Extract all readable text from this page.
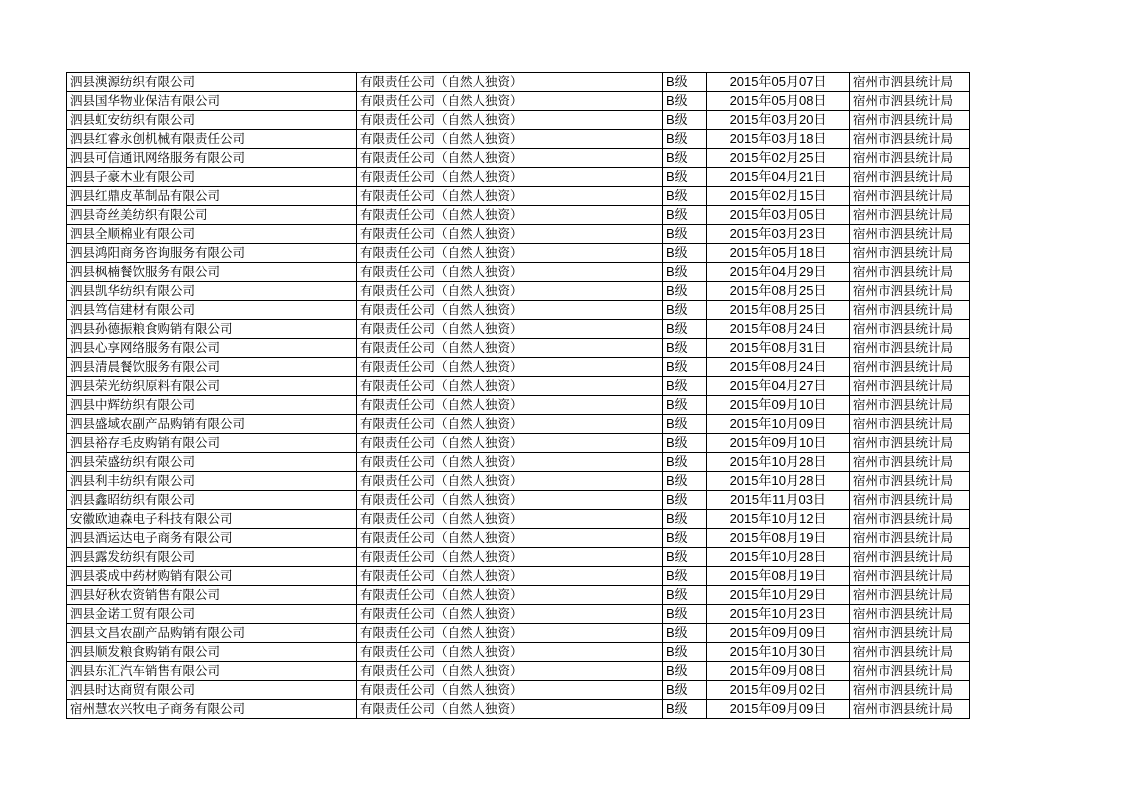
泗县澳源纺织有限公司	有限责任公司（自然人独资）	B级	2015年05月07日	宿州市泗县统计局
泗县国华物业保洁有限公司	有限责任公司（自然人独资）	B级	2015年05月08日	宿州市泗县统计局
泗县虹安纺织有限公司	有限责任公司（自然人独资）	B级	2015年03月20日	宿州市泗县统计局
泗县红睿永创机械有限责任公司	有限责任公司（自然人独资）	B级	2015年03月18日	宿州市泗县统计局
泗县可信通讯网络服务有限公司	有限责任公司（自然人独资）	B级	2015年02月25日	宿州市泗县统计局
泗县子豪木业有限公司	有限责任公司（自然人独资）	B级	2015年04月21日	宿州市泗县统计局
泗县红鼎皮革制品有限公司	有限责任公司（自然人独资）	B级	2015年02月15日	宿州市泗县统计局
泗县奇丝美纺织有限公司	有限责任公司（自然人独资）	B级	2015年03月05日	宿州市泗县统计局
泗县全顺棉业有限公司	有限责任公司（自然人独资）	B级	2015年03月23日	宿州市泗县统计局
泗县鸿阳商务咨询服务有限公司	有限责任公司（自然人独资）	B级	2015年05月18日	宿州市泗县统计局
泗县枫楠餐饮服务有限公司	有限责任公司（自然人独资）	B级	2015年04月29日	宿州市泗县统计局
泗县凯华纺织有限公司	有限责任公司（自然人独资）	B级	2015年08月25日	宿州市泗县统计局
泗县笃信建材有限公司	有限责任公司（自然人独资）	B级	2015年08月25日	宿州市泗县统计局
泗县孙德振粮食购销有限公司	有限责任公司（自然人独资）	B级	2015年08月24日	宿州市泗县统计局
泗县心享网络服务有限公司	有限责任公司（自然人独资）	B级	2015年08月31日	宿州市泗县统计局
泗县清晨餐饮服务有限公司	有限责任公司（自然人独资）	B级	2015年08月24日	宿州市泗县统计局
泗县荣光纺织原料有限公司	有限责任公司（自然人独资）	B级	2015年04月27日	宿州市泗县统计局
泗县中辉纺织有限公司	有限责任公司（自然人独资）	B级	2015年09月10日	宿州市泗县统计局
泗县盛域农副产品购销有限公司	有限责任公司（自然人独资）	B级	2015年10月09日	宿州市泗县统计局
泗县裕存毛皮购销有限公司	有限责任公司（自然人独资）	B级	2015年09月10日	宿州市泗县统计局
泗县荣盛纺织有限公司	有限责任公司（自然人独资）	B级	2015年10月28日	宿州市泗县统计局
泗县利丰纺织有限公司	有限责任公司（自然人独资）	B级	2015年10月28日	宿州市泗县统计局
泗县鑫昭纺织有限公司	有限责任公司（自然人独资）	B级	2015年11月03日	宿州市泗县统计局
安徽欧迪森电子科技有限公司	有限责任公司（自然人独资）	B级	2015年10月12日	宿州市泗县统计局
泗县酒运达电子商务有限公司	有限责任公司（自然人独资）	B级	2015年08月19日	宿州市泗县统计局
泗县露发纺织有限公司	有限责任公司（自然人独资）	B级	2015年10月28日	宿州市泗县统计局
泗县裘成中药材购销有限公司	有限责任公司（自然人独资）	B级	2015年08月19日	宿州市泗县统计局
泗县好秋农资销售有限公司	有限责任公司（自然人独资）	B级	2015年10月29日	宿州市泗县统计局
泗县金诺工贸有限公司	有限责任公司（自然人独资）	B级	2015年10月23日	宿州市泗县统计局
泗县文昌农副产品购销有限公司	有限责任公司（自然人独资）	B级	2015年09月09日	宿州市泗县统计局
泗县顺发粮食购销有限公司	有限责任公司（自然人独资）	B级	2015年10月30日	宿州市泗县统计局
泗县东汇汽车销售有限公司	有限责任公司（自然人独资）	B级	2015年09月08日	宿州市泗县统计局
泗县时达商贸有限公司	有限责任公司（自然人独资）	B级	2015年09月02日	宿州市泗县统计局
宿州慧农兴牧电子商务有限公司	有限责任公司（自然人独资）	B级	2015年09月09日	宿州市泗县统计局
